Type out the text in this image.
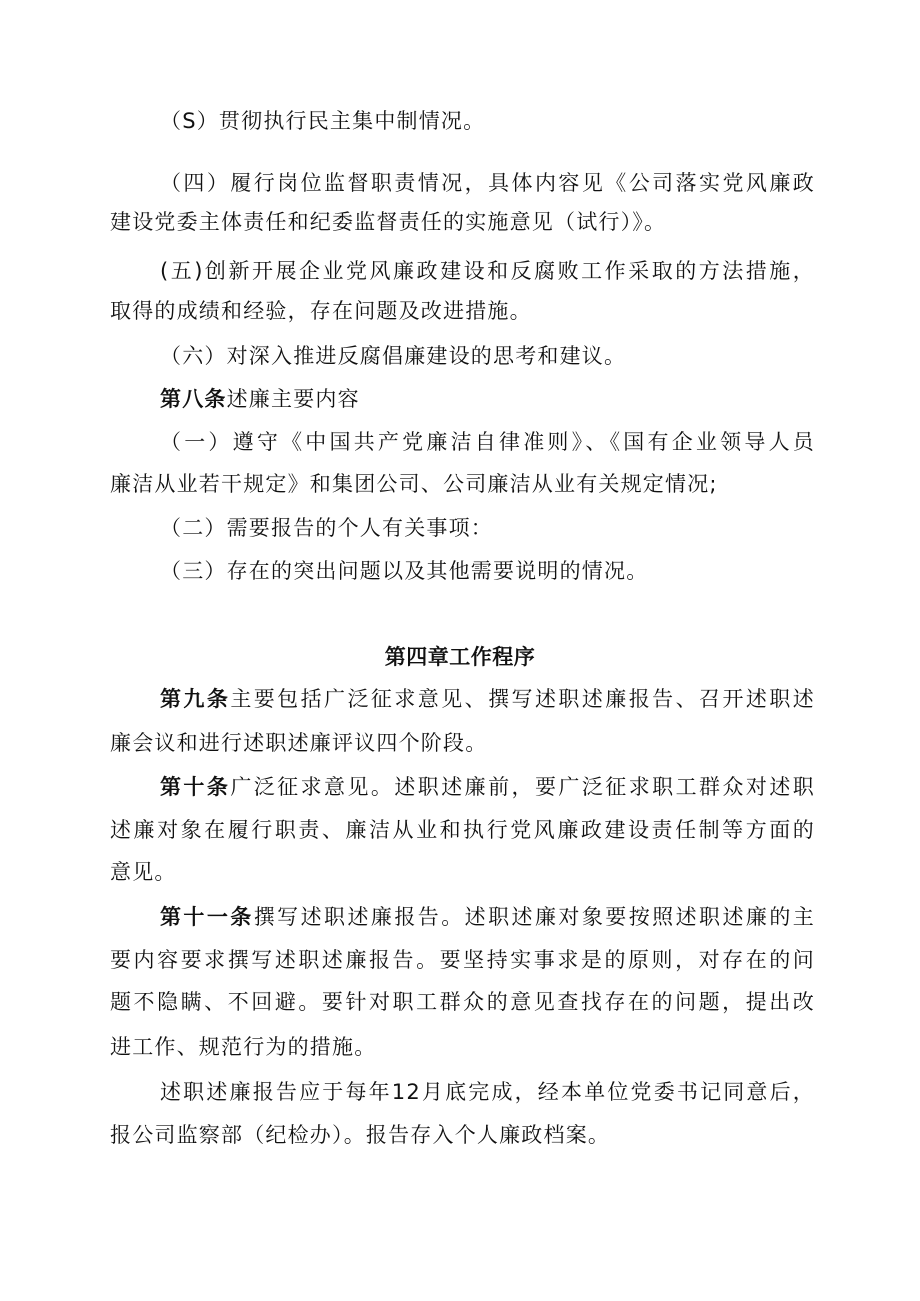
（S）贯彻执行民主集中制情况。
（四）履行岗位监督职责情况，具体内容见《公司落实党风廉政
建设党委主体责任和纪委监督责任的实施意见（试行）》。
(五)创新开展企业党风廉政建设和反腐败工作采取的方法措施，
取得的成绩和经验，存在问题及改进措施。
（六）对深入推进反腐倡廉建设的思考和建议。
第八条述廉主要内容
（一）遵守《中国共产党廉洁自律准则》、《国有企业领导人员
廉洁从业若干规定》和集团公司、公司廉洁从业有关规定情况;
（二）需要报告的个人有关事项：
（三）存在的突出问题以及其他需要说明的情况。
第四章工作程序
第九条主要包括广泛征求意见、撰写述职述廉报告、召开述职述
廉会议和进行述职述廉评议四个阶段。
第十条广泛征求意见。述职述廉前，要广泛征求职工群众对述职
述廉对象在履行职责、廉洁从业和执行党风廉政建设责任制等方面的
意见。
第十一条撰写述职述廉报告。述职述廉对象要按照述职述廉的主
要内容要求撰写述职述廉报告。要坚持实事求是的原则，对存在的问
题不隐瞒、不回避。要针对职工群众的意见查找存在的问题，提出改
进工作、规范行为的措施。
述职述廉报告应于每年12月底完成，经本单位党委书记同意后，
报公司监察部（纪检办）。报告存入个人廉政档案。
